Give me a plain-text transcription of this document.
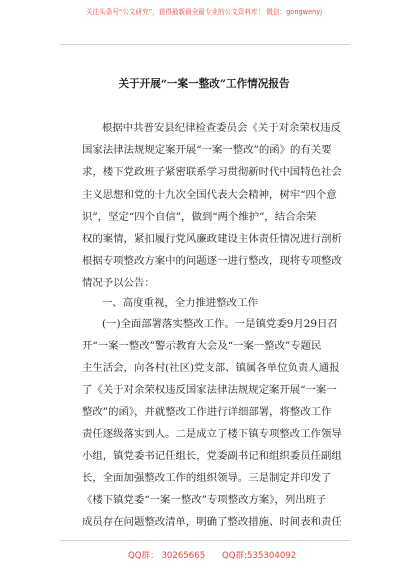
关注头条号“公文研究”，获得最新最全最专业的公文资料库！ 微信：gongwenyj
关于开展“一案一整改”工作情况报告
根据中共普安县纪律检查委员会《关于对余荣权违反
国家法律法规规定案开展“一案一整改”的函》的有关要
求，楼下党政班子紧密联系学习贯彻新时代中国特色社会
主义思想和党的十九次全国代表大会精神，树牢“四个意
识”，坚定“四个自信”，做到“两个维护”，结合余荣
权的案情，紧扣履行党风廉政建设主体责任情况进行剖析
根据专项整改方案中的问题逐一进行整改，现将专项整改
情况予以公告：
一、高度重视，全力推进整改工作
(一)全面部署落实整改工作。一是镇党委9月29日召
开“一案一整改”警示教育大会及“一案一整改”专题民
主生活会，向各村(社区)党支部、镇属各单位负责人通报
了《关于对余荣权违反国家法律法规规定案开展“一案一
整改”的函》，并就整改工作进行详细部署，将整改工作
责任逐级落实到人。二是成立了楼下镇专项整改工作领导
小组，镇党委书记任组长，党委副书记和组织委员任副组
长，全面加强整改工作的组织领导。三是制定并印发了
《楼下镇党委“一案一整改”专项整改方案》，列出班子
成员存在问题整改清单，明确了整改措施、时间表和责任
QQ群： 30265665 QQ群:535304092
